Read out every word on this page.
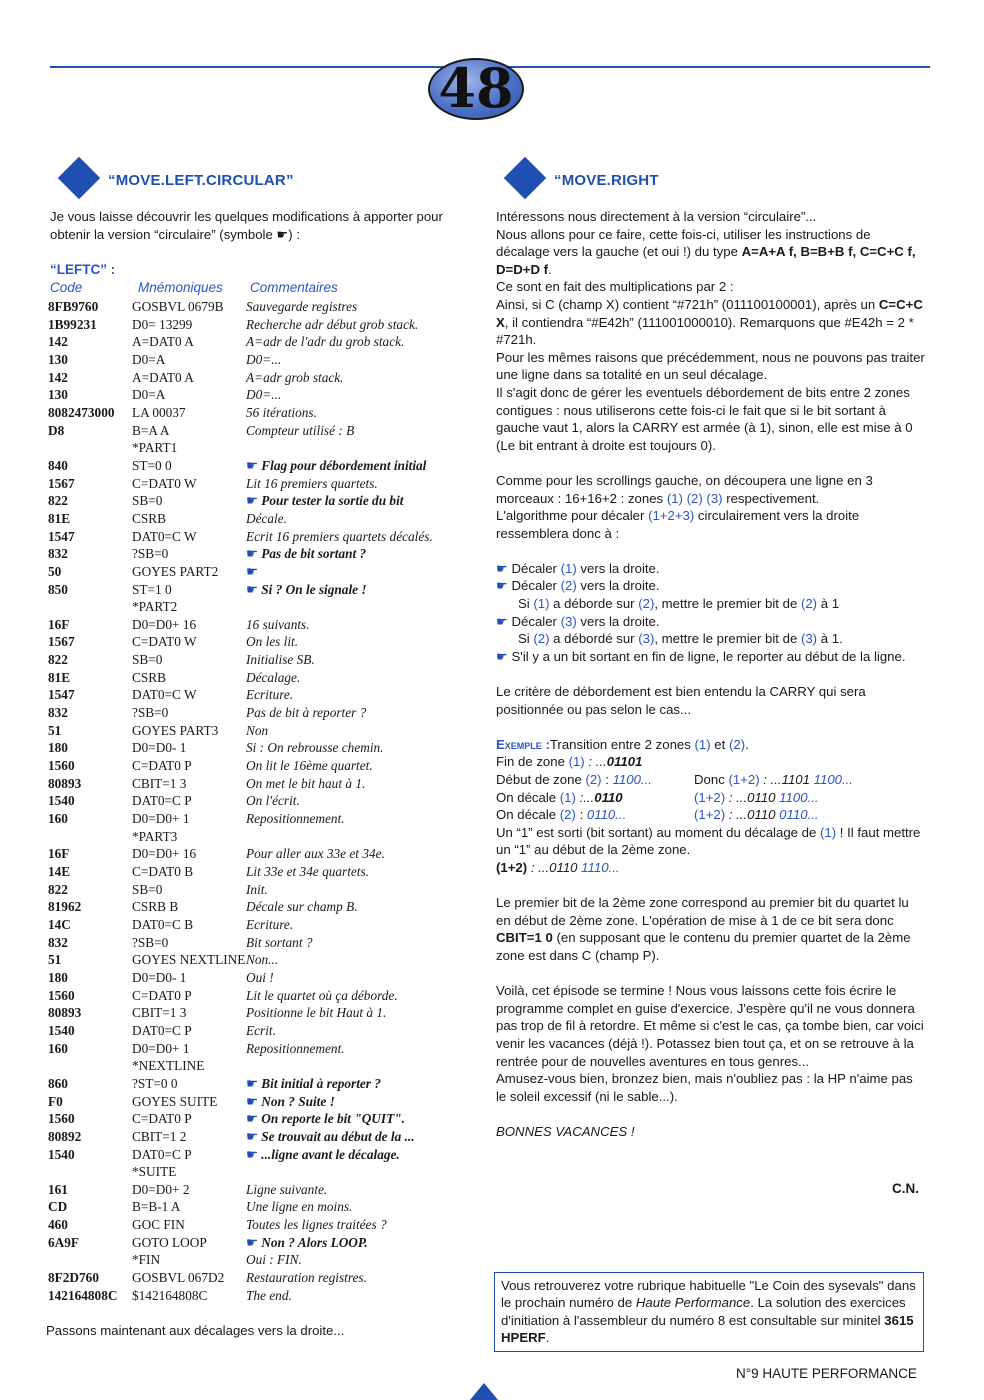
48
“MOVE.LEFT.CIRCULAR”

Je vous laisse découvrir les quelques modifications à apporter pour obtenir la version “circulaire” (symbole ☛) :

“LEFTC” :
Code	Mnémoniques Commentaires
8FB9760	GOSBVL 0679B	Sauvegarde registres
1B99231	D0= 13299	Recherche adr début grob stack.
142	A=DAT0 A	A=adr de l'adr du grob stack.
130	D0=A	D0=...
142	A=DAT0 A	A=adr grob stack.
130	D0=A	D0=...
8082473000	LA 00037	56 itérations.
D8	B=A A	Compteur utilisé : B
	*PART1	
840	ST=0 0	☛ Flag pour débordement initial
1567	C=DAT0 W	Lit 16 premiers quartets.
822	SB=0	☛ Pour tester la sortie du bit
81E	CSRB	Décale.
1547	DAT0=C W	Ecrit 16 premiers quartets décalés.
832	?SB=0	☛ Pas de bit sortant ?
50	GOYES PART2	☛
850	ST=1 0	☛ Si ? On le signale !
	*PART2	
16F	D0=D0+ 16	16 suivants.
1567	C=DAT0 W	On les lit.
822	SB=0	Initialise SB.
81E	CSRB	Décalage.
1547	DAT0=C W	Ecriture.
832	?SB=0	Pas de bit à reporter ?
51	GOYES PART3	Non
180	D0=D0- 1	Si : On rebrousse chemin.
1560	C=DAT0 P	On lit le 16ème quartet.
80893	CBIT=1 3	On met le bit haut à 1.
1540	DAT0=C P	On l'écrit.
160	D0=D0+ 1	Repositionnement.
	*PART3	
16F	D0=D0+ 16	Pour aller aux 33e et 34e.
14E	C=DAT0 B	Lit 33e et 34e quartets.
822	SB=0	Init.
81962	CSRB B	Décale sur champ B.
14C	DAT0=C B	Ecriture.
832	?SB=0	Bit sortant ?
51	GOYES NEXTLINE	Non...
180	D0=D0- 1	Oui !
1560	C=DAT0 P	Lit le quartet où ça déborde.
80893	CBIT=1 3	Positionne le bit Haut à 1.
1540	DAT0=C P	Ecrit.
160	D0=D0+ 1	Repositionnement.
	*NEXTLINE	
860	?ST=0 0	☛ Bit initial à reporter ?
F0	GOYES SUITE	☛ Non ? Suite !
1560	C=DAT0 P	☛ On reporte le bit "QUIT".
80892	CBIT=1 2	☛ Se trouvait au début de la ...
1540	DAT0=C P	☛ ...ligne avant le décalage.
	*SUITE	
161	D0=D0+ 2	Ligne suivante.
CD	B=B-1 A	Une ligne en moins.
460	GOC FIN	Toutes les lignes traitées ?
6A9F	GOTO LOOP	☛ Non ? Alors LOOP.
	*FIN	Oui : FIN.
8F2D760	GOSBVL 067D2	Restauration registres.
142164808C	$142164808C	The end.

Passons maintenant aux décalages vers la droite...

“MOVE.RIGHT

Intéressons nous directement à la version “circulaire”...

Nous allons pour ce faire, cette fois-ci, utiliser les instructions de décalage vers la gauche (et oui !) du type A=A+A f, B=B+B f, C=C+C f, D=D+D f.

Ce sont en fait des multiplications par 2 :

Ainsi, si C (champ X) contient “#721h” (011100100001), après un C=C+C X, il contiendra “#E42h” (111001000010). Remarquons que #E42h = 2 * #721h.

Pour les mêmes raisons que précédemment, nous ne pouvons pas traiter une ligne dans sa totalité en un seul décalage.

Il s'agit donc de gérer les eventuels débordement de bits entre 2 zones contigues : nous utiliserons cette fois-ci le fait que si le bit sortant à gauche vaut 1, alors la CARRY est armée (à 1), sinon, elle est mise à 0 (Le bit entrant à droite est toujours 0).

Comme pour les scrollings gauche, on découpera une ligne en 3 morceaux : 16+16+2 : zones (1) (2) (3) respectivement.

L'algorithme pour décaler (1+2+3) circulairement vers la droite ressemblera donc à :

☛ Décaler (1) vers la droite.

☛ Décaler (2) vers la droite.

Si (1) a déborde sur (2), mettre le premier bit de (2) à 1

☛ Décaler (3) vers la droite.

Si (2) a débordé sur (3), mettre le premier bit de (3) à 1.

☛ S'il y a un bit sortant en fin de ligne, le reporter au début de la ligne.

Le critère de débordement est bien entendu la CARRY qui sera positionnée ou pas selon le cas...

Exemple :Transition entre 2 zones (1) et (2).

Fin de zone (1) : ...01101

Début de zone (2) : 1100...	Donc (1+2) : ...1101 1100...

On décale (1) :...0110	(1+2) : ...0110 1100...

On décale (2) : 0110...	(1+2) : ...0110 0110...

Un “1” est sorti (bit sortant) au moment du décalage de (1) ! Il faut mettre un “1” au début de la 2ème zone.

(1+2) : ...0110 1110...

Le premier bit de la 2ème zone correspond au premier bit du quartet lu en début de 2ème zone. L'opération de mise à 1 de ce bit sera donc CBIT=1 0 (en supposant que le contenu du premier quartet de la 2ème zone est dans C (champ P).

Voilà, cet épisode se termine ! Nous vous laissons cette fois écrire le programme complet en guise d'exercice. J'espère qu'il ne vous donnera pas trop de fil à retordre. Et même si c'est le cas, ça tombe bien, car voici venir les vacances (déjà !). Potassez bien tout ça, et on se retrouve à la rentrée pour de nouvelles aventures en tous genres...

Amusez-vous bien, bronzez bien, mais n'oubliez pas : la HP n'aime pas le soleil excessif (ni le sable...).

BONNES VACANCES !

C.N.
Vous retrouverez votre rubrique habituelle "Le Coin des sysevals" dans le prochain numéro de Haute Performance. La solution des exercices d'initiation à l'assembleur du numéro 8 est consultable sur minitel 3615 HPERF.
N°9 HAUTE PERFORMANCE
